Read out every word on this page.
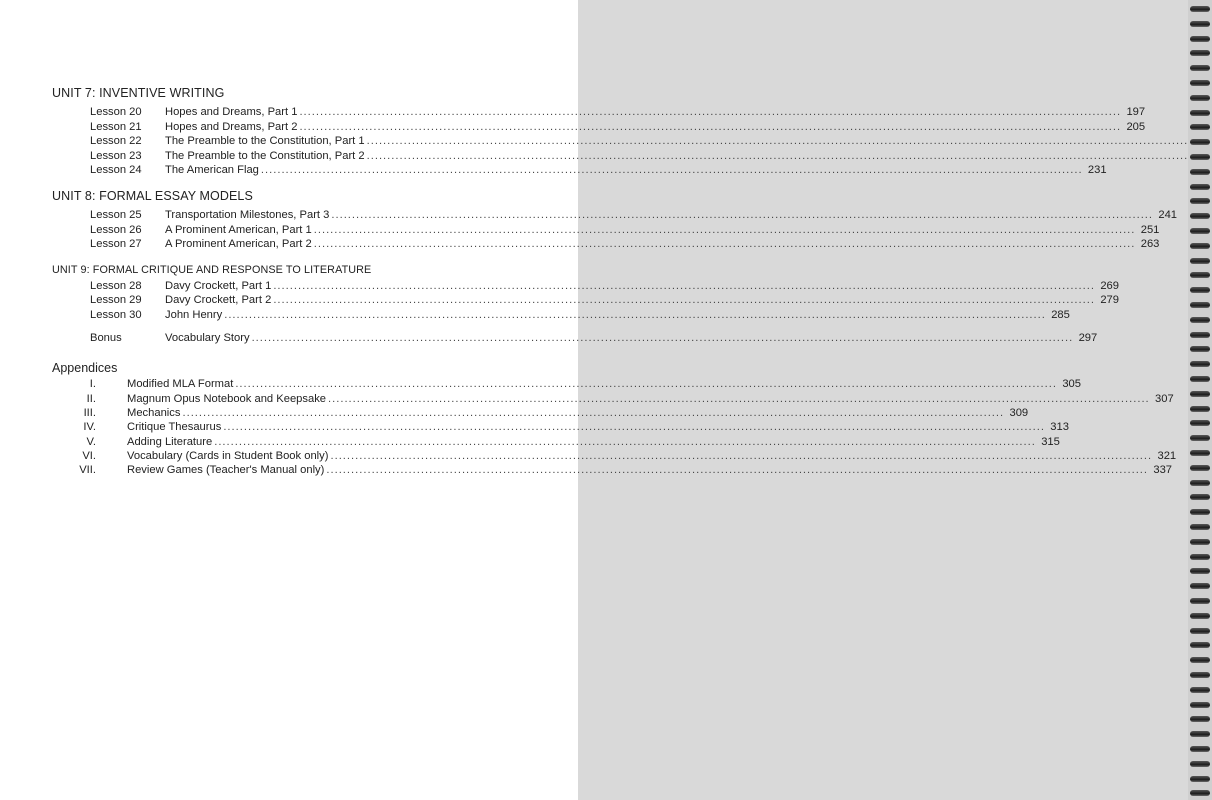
UNIT 7: INVENTIVE WRITING
Lesson 20	Hopes and Dreams, Part 1 ........................................................................................................................................................................................................ 197
Lesson 21	Hopes and Dreams, Part 2 ........................................................................................................................................................................................................ 205
Lesson 22	The Preamble to the Constitution, Part 1 ........................................................................................................................................................................................................
Lesson 23	The Preamble to the Constitution, Part 2 ........................................................................................................................................................................................................
Lesson 24	The American Flag ........................................................................................................................................................................................................ 231
UNIT 8: FORMAL ESSAY MODELS
Lesson 25	Transportation Milestones, Part 3 ........................................................................................................................................................................................................ 241
Lesson 26	A Prominent American, Part 1 ........................................................................................................................................................................................................ 251
Lesson 27	A Prominent American, Part 2 ........................................................................................................................................................................................................ 263
UNIT 9: FORMAL CRITIQUE AND RESPONSE TO LITERATURE
Lesson 28	Davy Crockett, Part 1 ........................................................................................................................................................................................................ 269
Lesson 29	Davy Crockett, Part 2 ........................................................................................................................................................................................................ 279
Lesson 30	John Henry ........................................................................................................................................................................................................ 285
Bonus	Vocabulary Story ........................................................................................................................................................................................................ 297
Appendices
I.	Modified MLA Format ........................................................................................................................................................................................................ 305
II.	Magnum Opus Notebook and Keepsake ........................................................................................................................................................................................................ 307
III.	Mechanics ........................................................................................................................................................................................................ 309
IV.	Critique Thesaurus ........................................................................................................................................................................................................ 313
V.	Adding Literature ........................................................................................................................................................................................................ 315
VI.	Vocabulary (Cards in Student Book only) ........................................................................................................................................................................................................ 321
VII.	Review Games (Teacher's Manual only) ........................................................................................................................................................................................................ 337
